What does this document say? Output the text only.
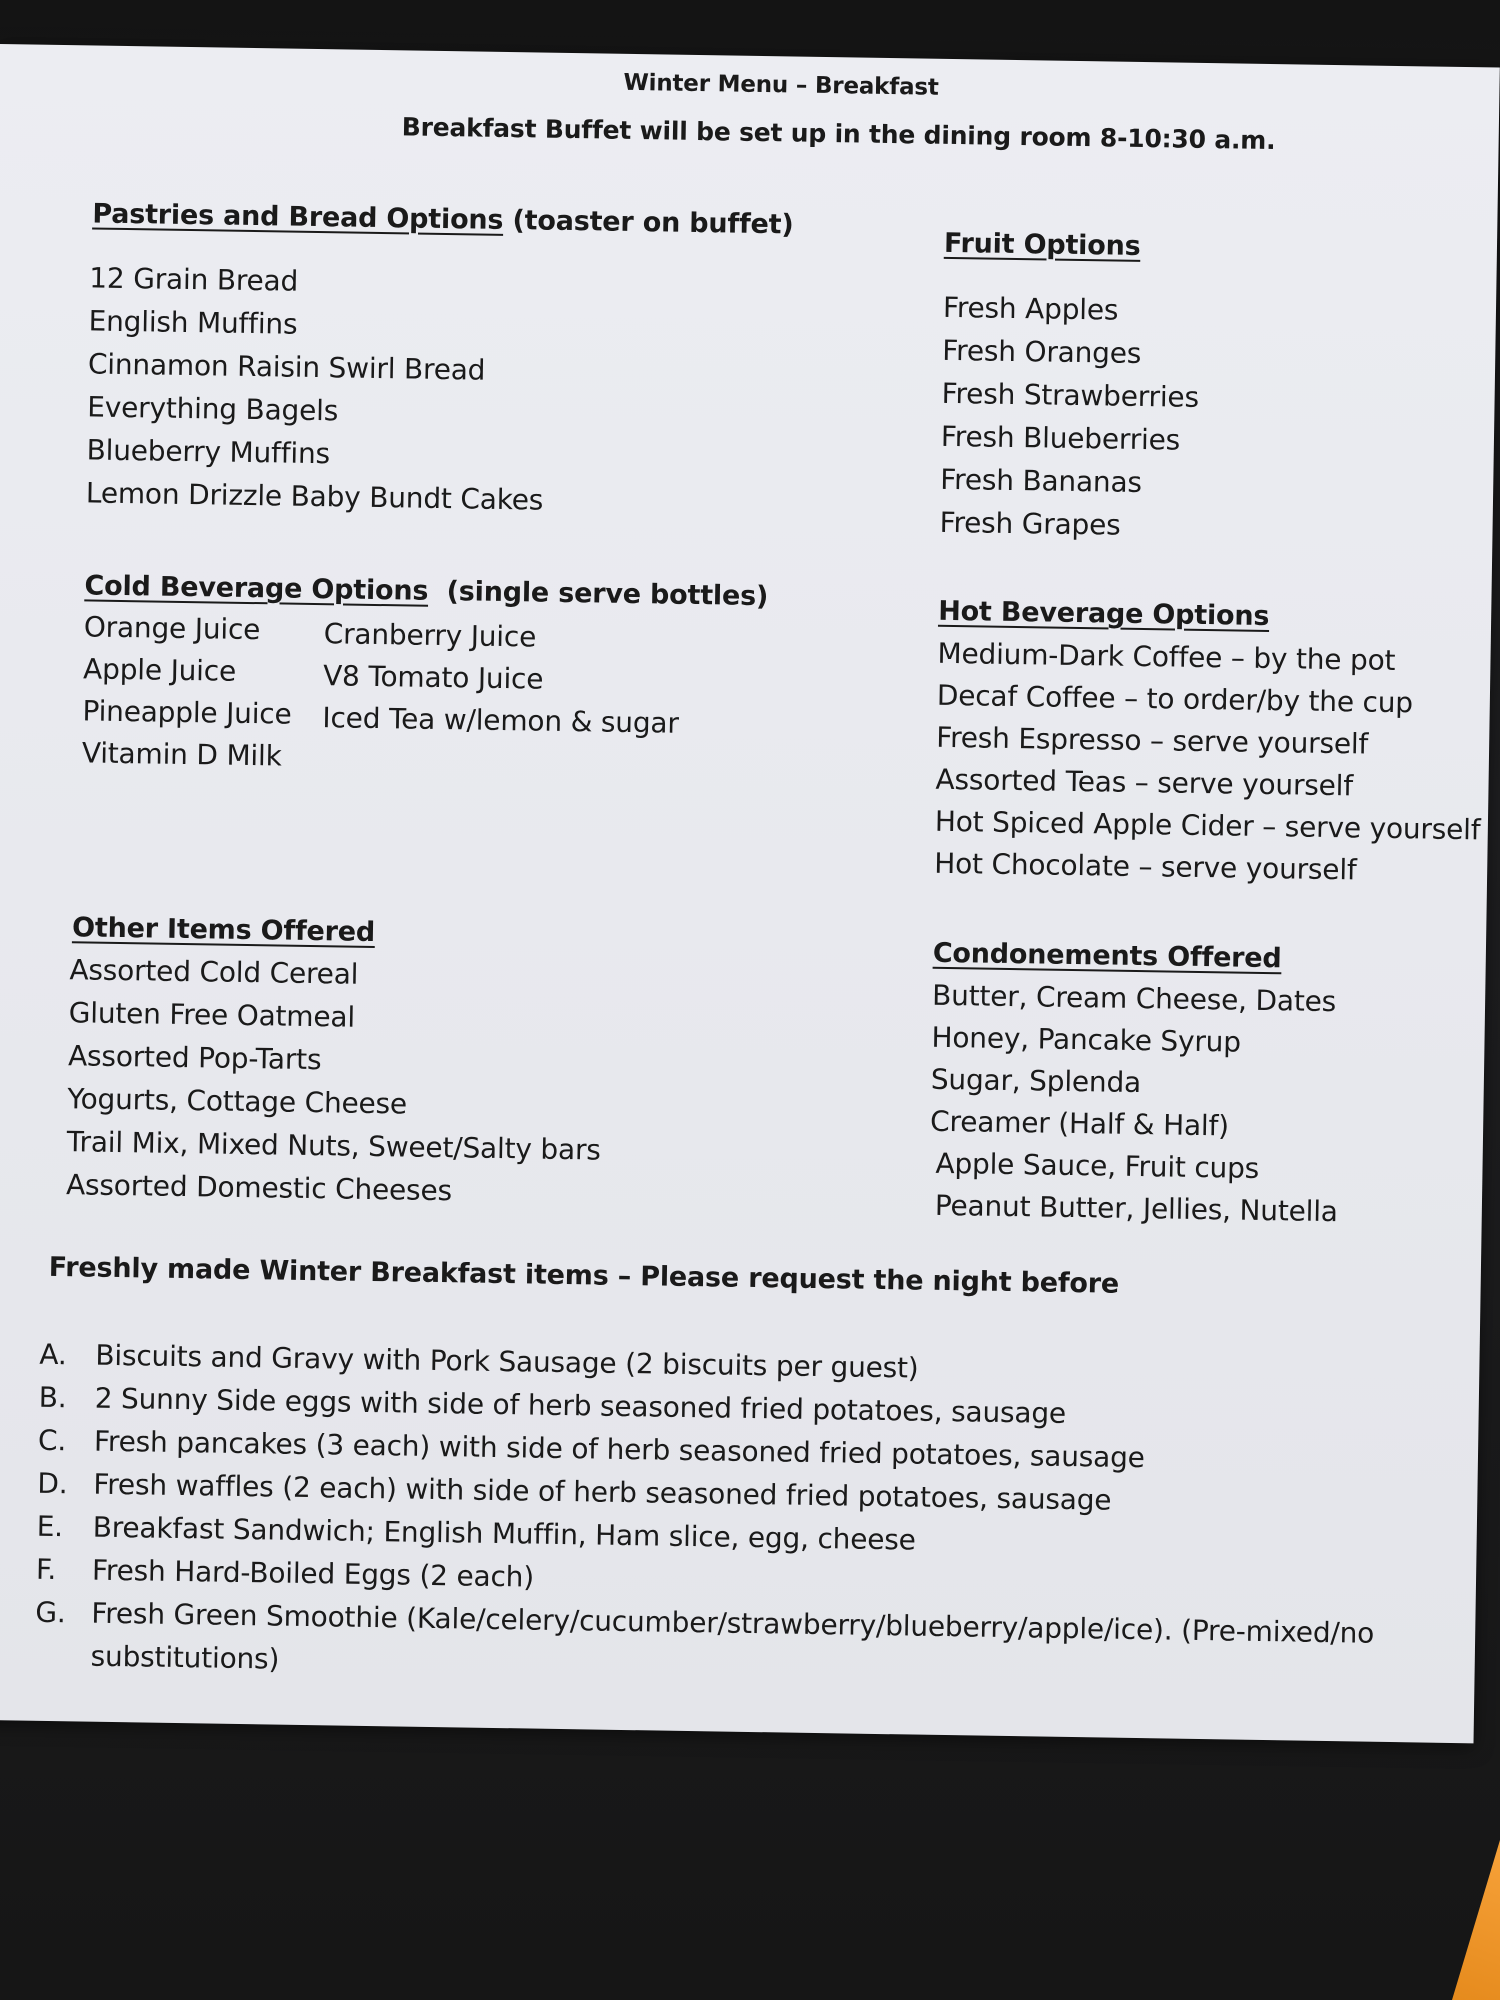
Winter Menu – Breakfast
Breakfast Buffet will be set up in the dining room 8-10:30 a.m.
Pastries and Bread Options (toaster on buffet)
12 Grain Bread
English Muffins
Cinnamon Raisin Swirl Bread
Everything Bagels
Blueberry Muffins
Lemon Drizzle Baby Bundt Cakes
Fruit Options
Fresh Apples
Fresh Oranges
Fresh Strawberries
Fresh Blueberries
Fresh Bananas
Fresh Grapes
Cold Beverage Options  (single serve bottles)
Orange Juice
Apple Juice
Pineapple Juice
Vitamin D Milk
Cranberry Juice
V8 Tomato Juice
Iced Tea w/lemon & sugar
Hot Beverage Options
Medium-Dark Coffee – by the pot
Decaf Coffee – to order/by the cup
Fresh Espresso – serve yourself
Assorted Teas – serve yourself
Hot Spiced Apple Cider – serve yourself
Hot Chocolate – serve yourself
Other Items Offered
Assorted Cold Cereal
Gluten Free Oatmeal
Assorted Pop-Tarts
Yogurts, Cottage Cheese
Trail Mix, Mixed Nuts, Sweet/Salty bars
Assorted Domestic Cheeses
Condonements Offered
Butter, Cream Cheese, Dates
Honey, Pancake Syrup
Sugar, Splenda
Creamer (Half & Half)
Apple Sauce, Fruit cups
Peanut Butter, Jellies, Nutella
Freshly made Winter Breakfast items – Please request the night before
A. Biscuits and Gravy with Pork Sausage (2 biscuits per guest)
B. 2 Sunny Side eggs with side of herb seasoned fried potatoes, sausage
C. Fresh pancakes (3 each) with side of herb seasoned fried potatoes, sausage
D. Fresh waffles (2 each) with side of herb seasoned fried potatoes, sausage
E. Breakfast Sandwich; English Muffin, Ham slice, egg, cheese
F. Fresh Hard-Boiled Eggs (2 each)
G. Fresh Green Smoothie (Kale/celery/cucumber/strawberry/blueberry/apple/ice). (Pre-mixed/no
substitutions)
